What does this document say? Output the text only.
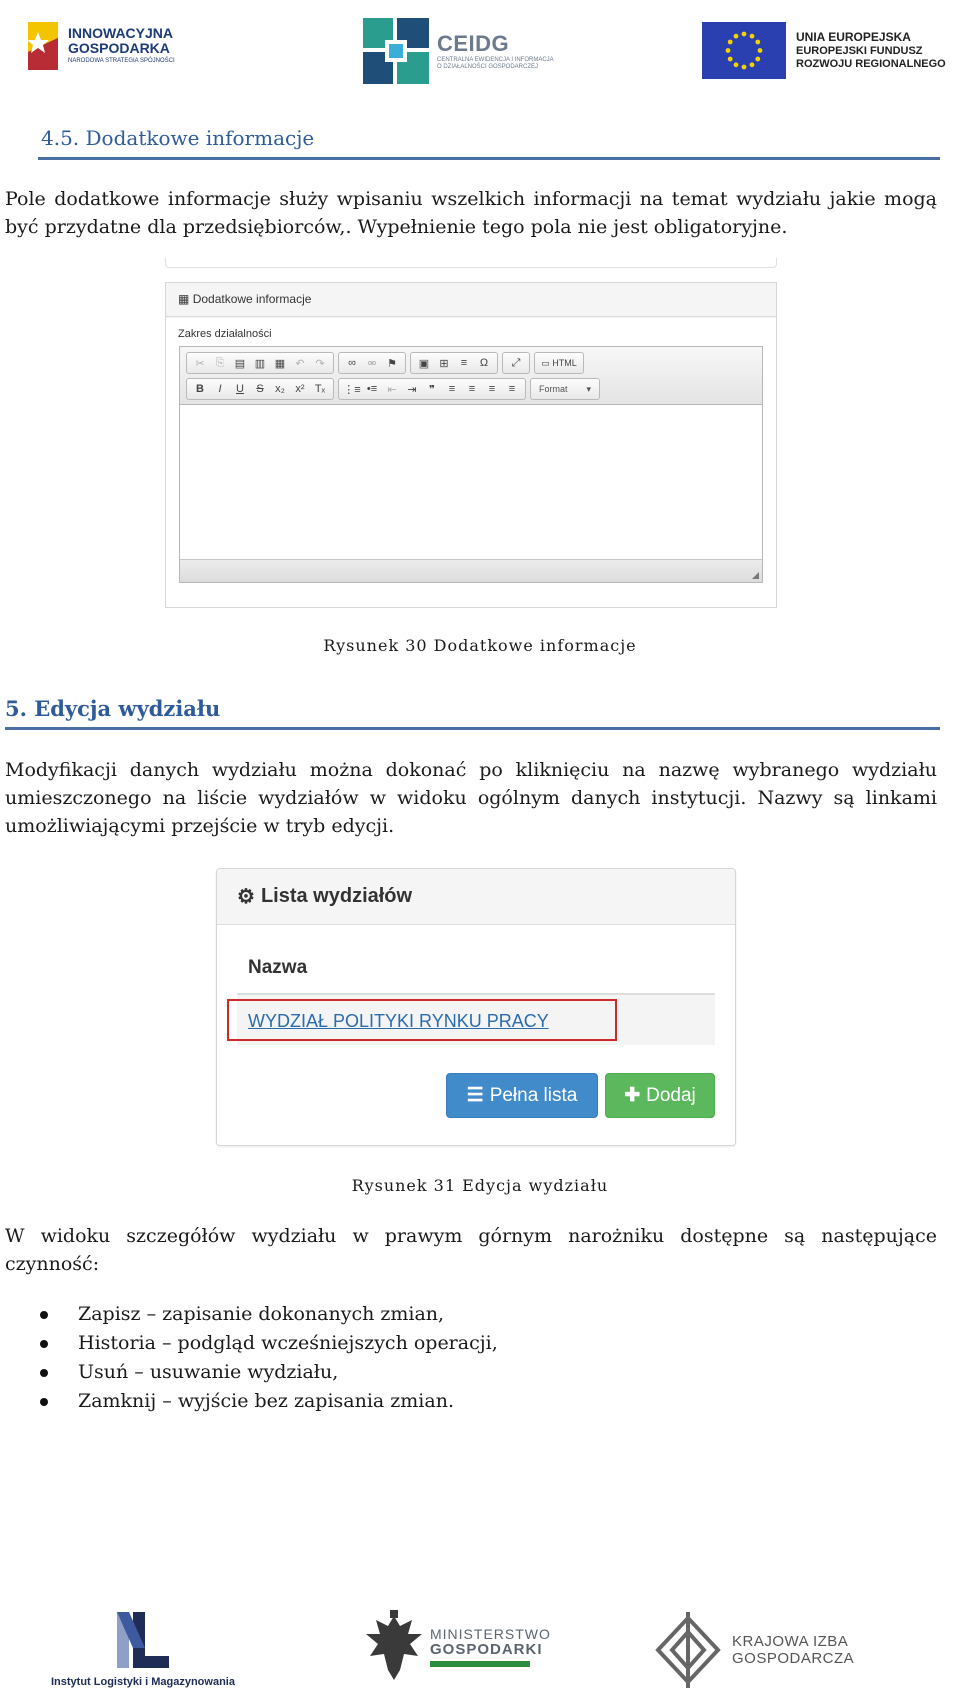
INNOWACYJNA
GOSPODARKA
NARODOWA STRATEGIA SPÓJNOŚCI
CEIDG
CENTRALNA EWIDENCJA I INFORMACJA O DZIAŁALNOŚCI GOSPODARCZEJ
UNIA EUROPEJSKA
EUROPEJSKI FUNDUSZ
ROZWOJU REGIONALNEGO
4.5. Dodatkowe informacje
Pole dodatkowe informacje służy wpisaniu wszelkich informacji na temat wydziału jakie mogą być przydatne dla przedsiębiorców,. Wypełnienie tego pola nie jest obligatoryjne.
▦ Dodatkowe informacje
Zakres działalności
✂ ⎘ ▤ ▥ ▦ ↶ ↷	∞	⚮ ⚑	▣ ⊞	≡	Ω	⤢	▭ HTML
B	I	U	S	x₂ x² Tₓ	⋮≡ •≡ ⇤ ⇥	❞	≡	≡	≡	≡	Format ▾
Rysunek 30 Dodatkowe informacje
5. Edycja wydziału
Modyfikacji danych wydziału można dokonać po kliknięciu na nazwę wybranego wydziału umieszczonego na liście wydziałów w widoku ogólnym danych instytucji. Nazwy są linkami umożliwiającymi przejście w tryb edycji.
⚙ Lista wydziałów
Nazwa
WYDZIAŁ POLITYKI RYNKU PRACY
☰ Pełna lista ✚ Dodaj
Rysunek 31 Edycja wydziału
W widoku szczegółów wydziału w prawym górnym narożniku dostępne są następujące czynność:
Zapisz – zapisanie dokonanych zmian,
Historia – podgląd wcześniejszych operacji,
Usuń – usuwanie wydziału,
Zamknij – wyjście bez zapisania zmian.
Instytut Logistyki i Magazynowania
MINISTERSTWO
GOSPODARKI	KRAJOWA IZBA GOSPODARCZA
